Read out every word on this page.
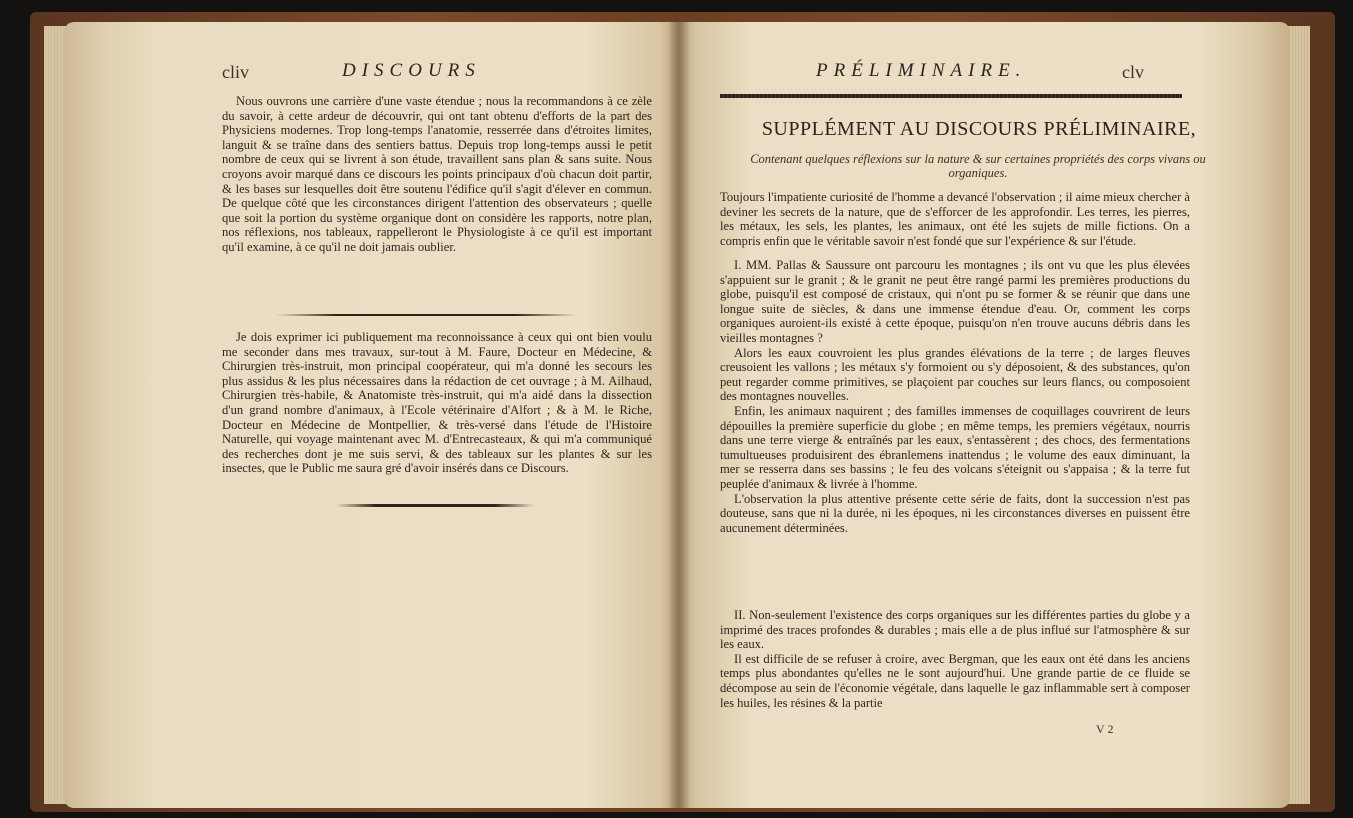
cliv	DISCOURS

Nous ouvrons une carrière d'une vaste étendue ; nous la recommandons à ce zèle du savoir, à cette ardeur de découvrir, qui ont tant obtenu d'efforts de la part des Physiciens modernes. Trop long-temps l'anatomie, resserrée dans d'étroites limites, languit & se traîne dans des sentiers battus. Depuis trop long-temps aussi le petit nombre de ceux qui se livrent à son étude, travaillent sans plan & sans suite. Nous croyons avoir marqué dans ce discours les points principaux d'où chacun doit partir, & les bases sur lesquelles doit être soutenu l'édifice qu'il s'agit d'élever en commun. De quelque côté que les circonstances dirigent l'attention des observateurs ; quelle que soit la portion du système organique dont on considère les rapports, notre plan, nos réflexions, nos tableaux, rappelleront le Physiologiste à ce qu'il est important qu'il examine, à ce qu'il ne doit jamais oublier.

Je dois exprimer ici publiquement ma reconnoissance à ceux qui ont bien voulu me seconder dans mes travaux, sur-tout à M. Faure, Docteur en Médecine, & Chirurgien très-instruit, mon principal coopérateur, qui m'a donné les secours les plus assidus & les plus nécessaires dans la rédaction de cet ouvrage ; à M. Ailhaud, Chirurgien très-habile, & Anatomiste très-instruit, qui m'a aidé dans la dissection d'un grand nombre d'animaux, à l'Ecole vétérinaire d'Alfort ; & à M. le Riche, Docteur en Médecine de Montpellier, & très-versé dans l'étude de l'Histoire Naturelle, qui voyage maintenant avec M. d'Entrecasteaux, & qui m'a communiqué des recherches dont je me suis servi, & des tableaux sur les plantes & sur les insectes, que le Public me saura gré d'avoir insérés dans ce Discours.

PRÉLIMINAIRE.	clv
SUPPLÉMENT AU DISCOURS PRÉLIMINAIRE,
Contenant quelques réflexions sur la nature & sur certaines propriétés des corps vivans ou organiques.

Toujours l'impatiente curiosité de l'homme a devancé l'observation ; il aime mieux chercher à deviner les secrets de la nature, que de s'efforcer de les approfondir. Les terres, les pierres, les métaux, les sels, les plantes, les animaux, ont été les sujets de mille fictions. On a compris enfin que le véritable savoir n'est fondé que sur l'expérience & sur l'étude.

I. MM. Pallas & Saussure ont parcouru les montagnes ; ils ont vu que les plus élevées s'appuient sur le granit ; & le granit ne peut être rangé parmi les premières productions du globe, puisqu'il est composé de cristaux, qui n'ont pu se former & se réunir que dans une longue suite de siècles, & dans une immense étendue d'eau. Or, comment les corps organiques auroient-ils existé à cette époque, puisqu'on n'en trouve aucuns débris dans les vieilles montagnes ?

Alors les eaux couvroient les plus grandes élévations de la terre ; de larges fleuves creusoient les vallons ; les métaux s'y formoient ou s'y déposoient, & des substances, qu'on peut regarder comme primitives, se plaçoient par couches sur leurs flancs, ou composoient des montagnes nouvelles.

Enfin, les animaux naquirent ; des familles immenses de coquillages couvrirent de leurs dépouilles la première superficie du globe ; en même temps, les premiers végétaux, nourris dans une terre vierge & entraînés par les eaux, s'entassèrent ; des chocs, des fermentations tumultueuses produisirent des ébranlemens inattendus ; le volume des eaux diminuant, la mer se resserra dans ses bassins ; le feu des volcans s'éteignit ou s'appaisa ; & la terre fut peuplée d'animaux & livrée à l'homme.

L'observation la plus attentive présente cette série de faits, dont la succession n'est pas douteuse, sans que ni la durée, ni les époques, ni les circonstances diverses en puissent être aucunement déterminées.

II. Non-seulement l'existence des corps organiques sur les différentes parties du globe y a imprimé des traces profondes & durables ; mais elle a de plus influé sur l'atmosphère & sur les eaux.

Il est difficile de se refuser à croire, avec Bergman, que les eaux ont été dans les anciens temps plus abondantes qu'elles ne le sont aujourd'hui. Une grande partie de ce fluide se décompose au sein de l'économie végétale, dans laquelle le gaz inflammable sert à composer les huiles, les résines & la partie

V 2
